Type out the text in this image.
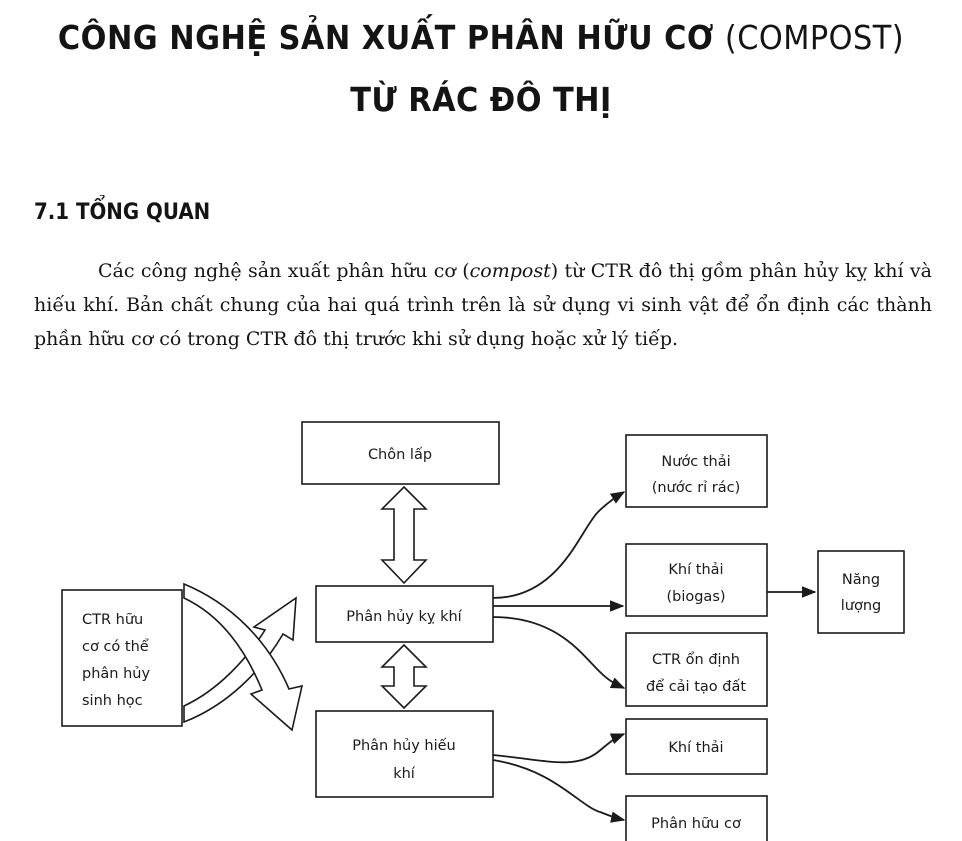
CÔNG NGHỆ SẢN XUẤT PHÂN HỮU CƠ (COMPOST)
TỪ RÁC ĐÔ THỊ
7.1 TỔNG QUAN

Các công nghệ sản xuất phân hữu cơ (compost) từ CTR đô thị gồm phân hủy kỵ khí và hiếu khí. Bản chất chung của hai quá trình trên là sử dụng vi sinh vật để ổn định các thành phần hữu cơ có trong CTR đô thị trước khi sử dụng hoặc xử lý tiếp.

CTR hữu
cơ có thể
phân hủy
sinh học
Chôn lấp
Phân hủy kỵ khí
Phân hủy hiếu
khí
Nước thải
(nước rỉ rác)
Khí thải
(biogas)
Năng
lượng
CTR ổn định
để cải tạo đất
Khí thải
Phân hữu cơ
